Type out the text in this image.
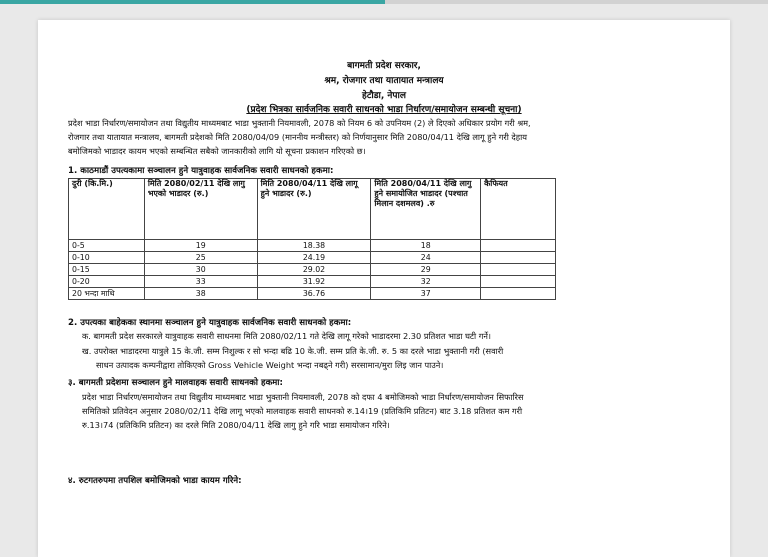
बागमती प्रदेश सरकार,
श्रम, रोजगार तथा यातायात मन्त्रालय
हेटौडा, नेपाल
(प्रदेश भित्रका सार्वजनिक सवारी साधनको भाडा निर्धारण/समायोजन सम्बन्धी सूचना)
प्रदेश भाडा निर्धारण/समायोजन तथा विद्युतीय माध्यमबाट भाडा भुक्तानी नियमावली, 2078 को नियम 6 को उपनियम (2) ले दिएको अधिकार प्रयोग गरी श्रम,
रोजगार तथा यातायात मन्त्रालय, बागमती प्रदेशको मिति 2080/04/09 (माननीय मन्त्रीस्तर) को निर्णयानुसार मिति 2080/04/11 देखि लागू हुने गरी देहाय
बमोजिमको भाडादर कायम भएको सम्बन्धित सबैको जानकारीको लागि यो सूचना प्रकाशन गरिएको छ।
1. काठमाडौं उपत्यकामा सञ्चालन हुने यात्रुवाहक सार्वजनिक सवारी साधनको हकमा:
दुरी (कि.मि.)	मिति 2080/02/11 देखि लागु भएको भाडादर (रु.)	मिति 2080/04/11 देखि लागू हुने भाडादर (रु.)	मिति 2080/04/11 देखि लागु हुने समायोजित भाडादर (पश्चात मिलान दशमलव) .रु	कैफियत
0-5	19	18.38	18	
0-10	25	24.19	24	
0-15	30	29.02	29	
0-20	33	31.92	32	
20 भन्दा माथि	38	36.76	37	
2. उपत्यका बाहेकका स्थानमा सञ्चालन हुने यात्रुवाहक सार्वजनिक सवारी साधनको हकमा:
क. बागमती प्रदेश सरकारले यात्रुवाहक सवारी साधनमा मिति 2080/02/11 गते देखि लागू गरेको भाडादरमा 2.30 प्रतिशत भाडा घटी गर्ने।
ख. उपरोक्त भाडादरमा यात्रुले 15 के.जी. सम्म निशुल्क र सो भन्दा बढि 10 के.जी. सम्म प्रति के.जी. रु. 5 का दरले भाडा भुक्तानी गरी (सवारी
साधन उत्पादक कम्पनीद्वारा तोकिएको Gross Vehicle Weight भन्दा नबढ्ने गरी) सरसामान/मुरा लिइ जान पाउने।
३. बागमती प्रदेशमा सञ्चालन हुने मालवाहक सवारी साधनको हकमा:
प्रदेश भाडा निर्धारण/समायोजन तथा विद्युतीय माध्यमबाट भाडा भुक्तानी नियमावली, 2078 को दफा 4 बमोजिमको भाडा निर्धारण/समायोजन सिफारिस
समितिको प्रतिवेदन अनुसार 2080/02/11 देखि लागू भएको मालवाहक सवारी साधनको रु.14।19 (प्रतिकिमि प्रतिटन) बाट 3.18 प्रतिशत कम गरी
रु.13।74 (प्रतिकिमि प्रतिटन) का दरले मिति 2080/04/11 देखि लागु हुने गरि भाडा समायोजन गरिने।
४. रुटगतरुपमा तपशिल बमोजिमको भाडा कायम गरिने:
